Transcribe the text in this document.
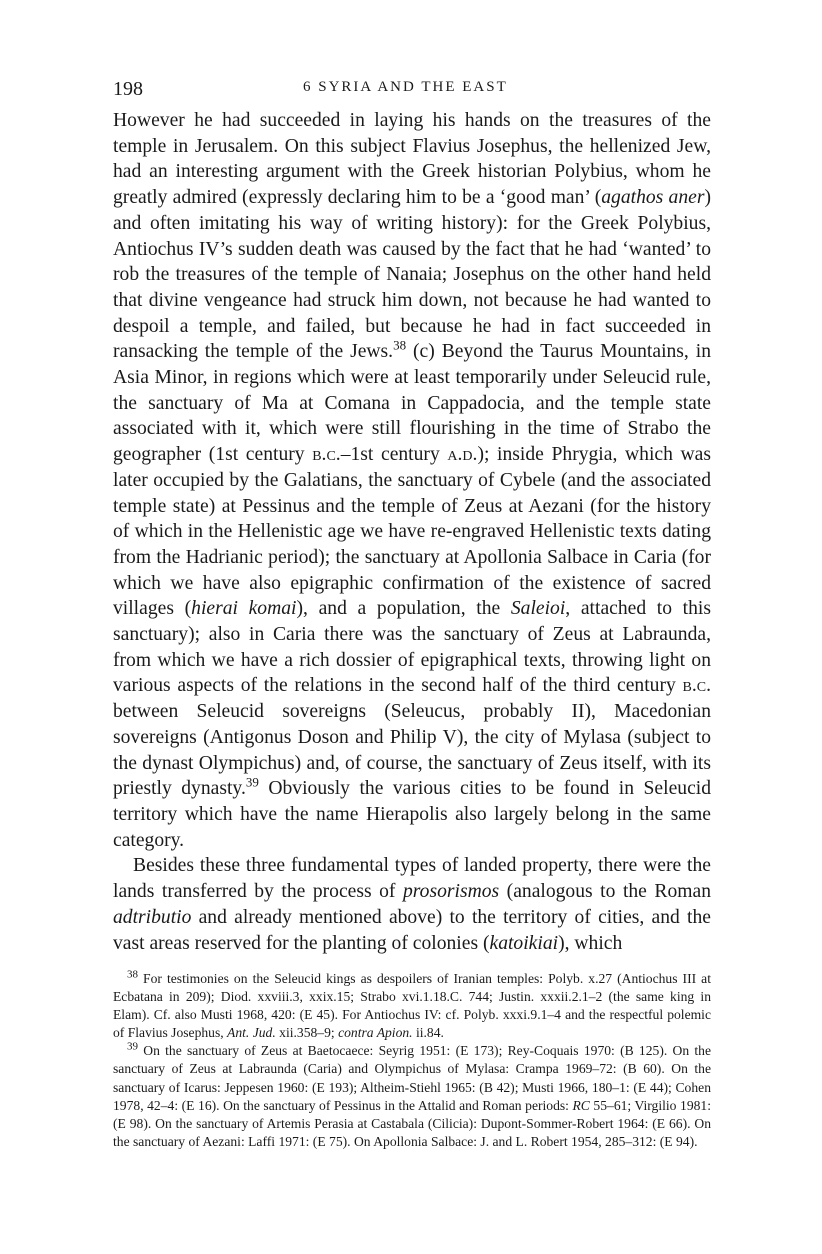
198	6 SYRIA AND THE EAST

However he had succeeded in laying his hands on the treasures of the temple in Jerusalem. On this subject Flavius Josephus, the hellenized Jew, had an interesting argument with the Greek historian Polybius, whom he greatly admired (expressly declaring him to be a ‘good man’ (agathos aner) and often imitating his way of writing history): for the Greek Polybius, Antiochus IV’s sudden death was caused by the fact that he had ‘wanted’ to rob the treasures of the temple of Nanaia; Josephus on the other hand held that divine vengeance had struck him down, not because he had wanted to despoil a temple, and failed, but because he had in fact succeeded in ransacking the temple of the Jews.$^{38}$ (c) Beyond the Taurus Mountains, in Asia Minor, in regions which were at least temporarily under Seleucid rule, the sanctuary of Ma at Comana in Cappadocia, and the temple state associated with it, which were still flourishing in the time of Strabo the geographer (1st century b.c.–1st century a.d.); inside Phrygia, which was later occupied by the Galatians, the sanctuary of Cybele (and the associated temple state) at Pessinus and the temple of Zeus at Aezani (for the history of which in the Hellenistic age we have re-engraved Hellenistic texts dating from the Hadrianic period); the sanctuary at Apollonia Salbace in Caria (for which we have also epigraphic confirmation of the existence of sacred villages (hierai komai), and a population, the Saleioi, attached to this sanctuary); also in Caria there was the sanctuary of Zeus at Labraunda, from which we have a rich dossier of epigraphical texts, throwing light on various aspects of the relations in the second half of the third century b.c. between Seleucid sovereigns (Seleucus, probably II), Macedonian sovereigns (Antigonus Doson and Philip V), the city of Mylasa (subject to the dynast Olympichus) and, of course, the sanctuary of Zeus itself, with its priestly dynasty.$^{39}$ Obviously the various cities to be found in Seleucid territory which have the name Hierapolis also largely belong in the same category.

Besides these three fundamental types of landed property, there were the lands transferred by the process of prosorismos (analogous to the Roman adtributio and already mentioned above) to the territory of cities, and the vast areas reserved for the planting of colonies (katoikiai), which

$^{38}$ For testimonies on the Seleucid kings as despoilers of Iranian temples: Polyb. x.27 (Antiochus III at Ecbatana in 209); Diod. xxviii.3, xxix.15; Strabo xvi.1.18.C. 744; Justin. xxxii.2.1–2 (the same king in Elam). Cf. also Musti 1968, 420: (E 45). For Antiochus IV: cf. Polyb. xxxi.9.1–4 and the respectful polemic of Flavius Josephus, Ant. Jud. xii.358–9; contra Apion. ii.84.

$^{39}$ On the sanctuary of Zeus at Baetocaece: Seyrig 1951: (E 173); Rey-Coquais 1970: (B 125). On the sanctuary of Zeus at Labraunda (Caria) and Olympichus of Mylasa: Crampa 1969–72: (B 60). On the sanctuary of Icarus: Jeppesen 1960: (E 193); Altheim-Stiehl 1965: (B 42); Musti 1966, 180–1: (E 44); Cohen 1978, 42–4: (E 16). On the sanctuary of Pessinus in the Attalid and Roman periods: RC 55–61; Virgilio 1981: (E 98). On the sanctuary of Artemis Perasia at Castabala (Cilicia): Dupont-Sommer-Robert 1964: (E 66). On the sanctuary of Aezani: Laffi 1971: (E 75). On Apollonia Salbace: J. and L. Robert 1954, 285–312: (E 94).
